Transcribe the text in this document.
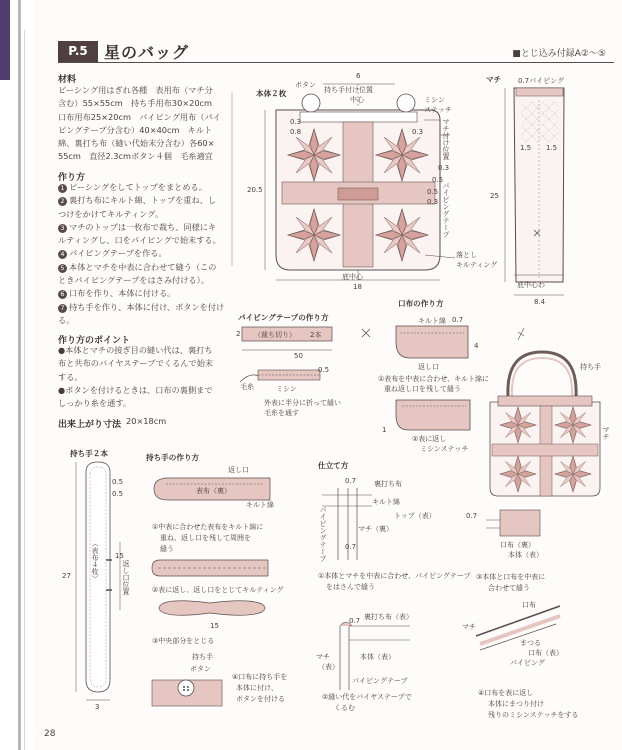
P.5	星のバッグ	■とじ込み付録A②〜⑤
材料
ピーシング用はぎれ各種　表用布（マチ分
含む）55×55cm　持ち手用布30×20cm
口布用布25×20cm　パイピング用布（パイ
ピングテープ分含む）40×40cm　キルト
綿、裏打ち布（縫い代始末分含む）各60×
55cm　直径2.3cmボタン４個　毛糸適宜
作り方
1 ピーシングをしてトップをまとめる。
2 裏打ち布にキルト綿、トップを重ね、し
つけをかけてキルティング。
3 マチのトップは一枚布で裁ち、同様にキ
ルティングし、口をパイピングで始末する。
4 パイピングテープを作る。
5 本体とマチを中表に合わせて縫う（この
ときパイピングテープをはさみ付ける）。
6 口布を作り、本体に付ける。
7 持ち手を作り、本体に付け、ボタンを付け
る。
作り方のポイント
●本体とマチの接ぎ目の縫い代は、裏打ち
布と共布のバイヤステープでくるんで始末
する。
●ボタンを付けるときは、口布の裏側まで
しっかり糸を通す。
出来上がり寸法 20×18cm
本体２枚
ボタン
6
持ち手付け位置
中心	ミシン
ステッチ
0.3
0.8	0.3	マチ付け位置
0.3
0.5
パイピングテープ
0.5
0.3
落とし
キルティング
20.5
底中心
18
マチ 0.7パイピング
1.5 1.5
25
底中心わ
8.4
パイピングテープの作り方
2 （裁ち切り） 2本
50
0.5
毛糸	ミシン
外表に半分に折って縫い
毛糸を通す
口布の作り方
キルト綿 0.7
返し口
4
①表布を中表に合わせ、キルト綿に
重ね返し口を残して縫う
1
②表に返し
ミシンステッチ
持ち手
マチ
持ち手２本
0.5
0.5
（表布４枚）
27
15
返し口位置
3
持ち手の作り方
返し口
表布（裏）
キルト綿
①中表に合わせた表布をキルト綿に
重ね、返し口を残して周囲を
縫う
②表に返し、返し口をとじてキルティング
15
③中央部分をとじる
持ち手
ボタン
④口布に持ち手を
本体に付け、
ボタンを付ける
仕立て方
0.7	裏打ち布
キルト綿
トップ（表）
パイピングテープ	マチ（裏）
0.7
①本体とマチを中表に合わせ、パイピングテープ
をはさんで縫う
裏打ち布（表）
0.7
マチ
（表）
本体（表）
パイピングテープ
②縫い代をバイヤステープで
くるむ
0.7
口布（裏）
本体（表）
③本体と口布を中表に
合わせて縫う
口布
マチ
まつる
口布（表）
パイピング
④口布を表に返し
本体にまつり付け
残りのミシンステッチをする
28
